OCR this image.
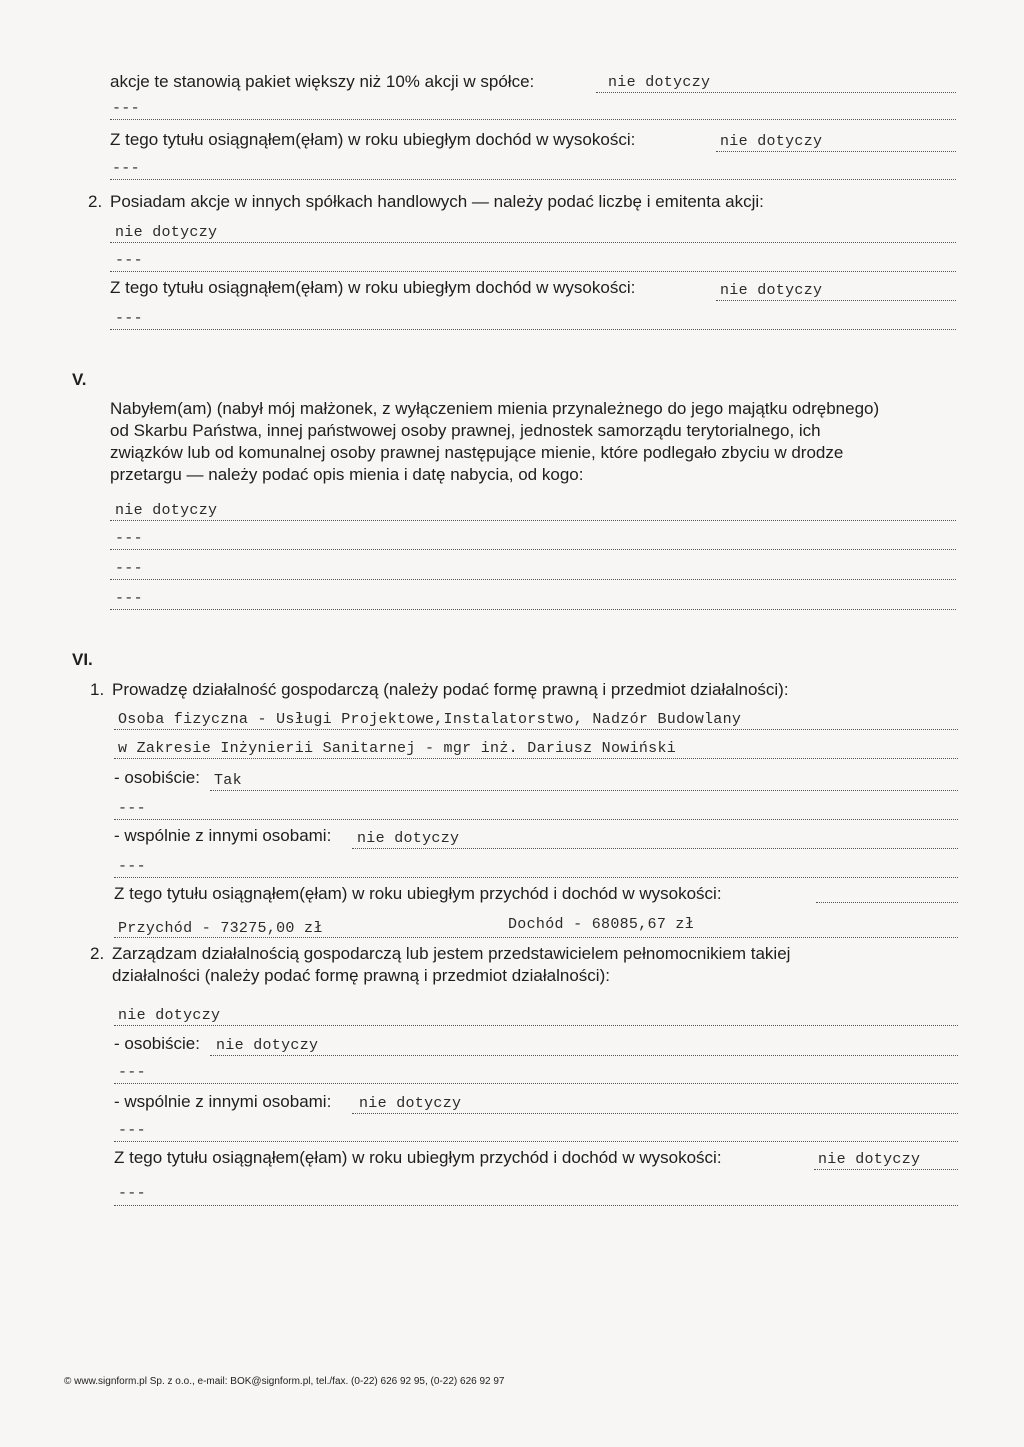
akcje te stanowią pakiet większy niż 10% akcji w spółce:	nie dotyczy
---
Z tego tytułu osiągnąłem(ęłam) w roku ubiegłym dochód w wysokości:	nie dotyczy
---
2. Posiadam akcje w innych spółkach handlowych — należy podać liczbę i emitenta akcji:
nie dotyczy
---
Z tego tytułu osiągnąłem(ęłam) w roku ubiegłym dochód w wysokości:	nie dotyczy
---
V.
Nabyłem(am) (nabył mój małżonek, z wyłączeniem mienia przynależnego do jego majątku odrębnego) od Skarbu Państwa, innej państwowej osoby prawnej, jednostek samorządu terytorialnego, ich związków lub od komunalnej osoby prawnej następujące mienie, które podlegało zbyciu w drodze przetargu — należy podać opis mienia i datę nabycia, od kogo:
nie dotyczy
---
---
---
VI.
1. Prowadzę działalność gospodarczą (należy podać formę prawną i przedmiot działalności):
Osoba fizyczna - Usługi Projektowe,Instalatorstwo, Nadzór Budowlany
w Zakresie Inżynierii Sanitarnej - mgr inż. Dariusz Nowiński
- osobiście: Tak
---
- wspólnie z innymi osobami: nie dotyczy
---
Z tego tytułu osiągnąłem(ęłam) w roku ubiegłym przychód i dochód w wysokości:
Przychód - 73275,00 zł	Dochód - 68085,67 zł
2. Zarządzam działalnością gospodarczą lub jestem przedstawicielem pełnomocnikiem takiej
działalności (należy podać formę prawną i przedmiot działalności):
nie dotyczy
- osobiście: nie dotyczy
---
- wspólnie z innymi osobami: nie dotyczy
---
Z tego tytułu osiągnąłem(ęłam) w roku ubiegłym przychód i dochód w wysokości:	nie dotyczy
---
© www.signform.pl Sp. z o.o., e-mail: BOK@signform.pl, tel./fax. (0-22) 626 92 95, (0-22) 626 92 97
